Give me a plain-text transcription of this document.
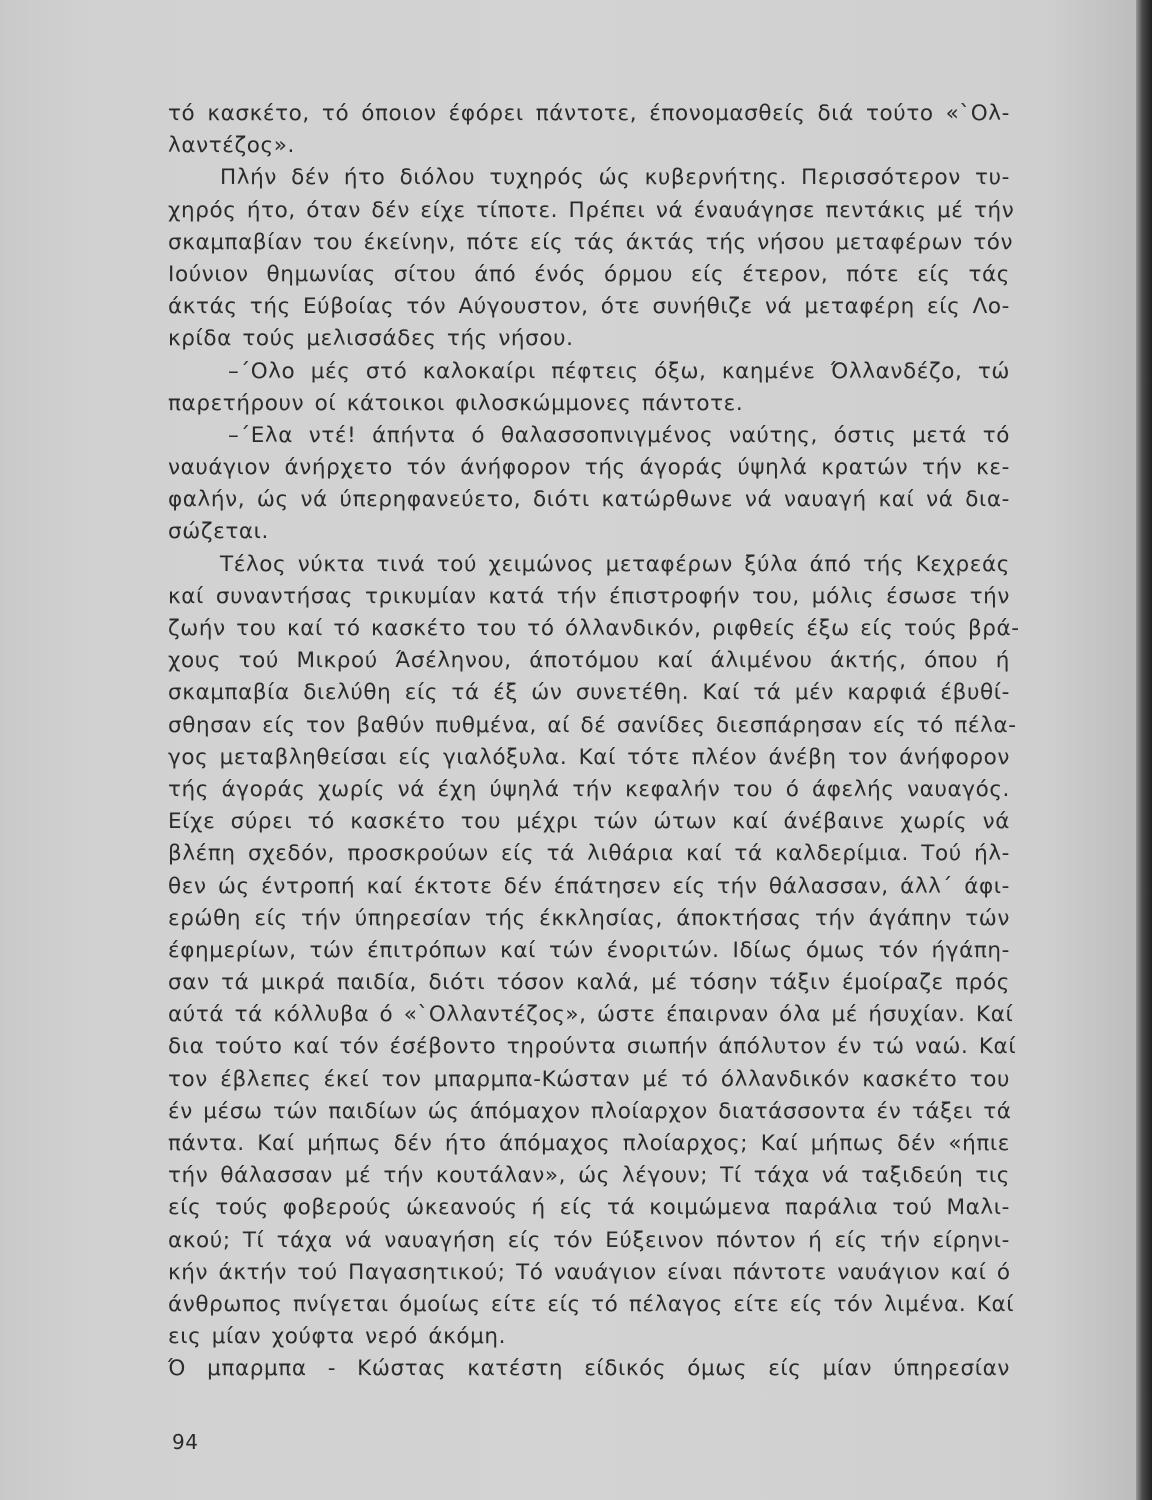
τό κασκέτο, τό όποιον έφόρει πάντοτε, έπονομασθείς διά τούτο «`Ολ-
λαντέζος».
Πλήν δέν ήτο διόλου τυχηρός ώς κυβερνήτης. Περισσότερον τυ-
χηρός ήτο, όταν δέν είχε τίποτε. Πρέπει νά έναυάγησε πεντάκις μέ τήν
σκαμπαβίαν του έκείνην, πότε είς τάς άκτάς τής νήσου μεταφέρων τόν
Ιούνιον θημωνίας σίτου άπό ένός όρμου είς έτερον, πότε είς τάς
άκτάς τής Εύβοίας τόν Αύγουστον, ότε συνήθιζε νά μεταφέρη είς Λο-
κρίδα τούς μελισσάδες τής νήσου.
–΄Ολο μές στό καλοκαίρι πέφτεις όξω, καημένε Όλλανδέζο, τώ
παρετήρουν οί κάτοικοι φιλοσκώμμονες πάντοτε.
–΄Ελα ντέ! άπήντα ό θαλασσοπνιγμένος ναύτης, όστις μετά τό
ναυάγιον άνήρχετο τόν άνήφορον τής άγοράς ύψηλά κρατών τήν κε-
φαλήν, ώς νά ύπερηφανεύετο, διότι κατώρθωνε νά ναυαγή καί νά δια-
σώζεται.
Τέλος νύκτα τινά τού χειμώνος μεταφέρων ξύλα άπό τής Κεχρεάς
καί συναντήσας τρικυμίαν κατά τήν έπιστροφήν του, μόλις έσωσε τήν
ζωήν του καί τό κασκέτο του τό όλλανδικόν, ριφθείς έξω είς τούς βρά-
χους τού Μικρού Άσέληνου, άποτόμου καί άλιμένου άκτής, όπου ή
σκαμπαβία διελύθη είς τά έξ ών συνετέθη. Καί τά μέν καρφιά έβυθί-
σθησαν είς τον βαθύν πυθμένα, αί δέ σανίδες διεσπάρησαν είς τό πέλα-
γος μεταβληθείσαι είς γιαλόξυλα. Καί τότε πλέον άνέβη τον άνήφορον
τής άγοράς χωρίς νά έχη ύψηλά τήν κεφαλήν του ό άφελής ναυαγός.
Είχε σύρει τό κασκέτο του μέχρι τών ώτων καί άνέβαινε χωρίς νά
βλέπη σχεδόν, προσκρούων είς τά λιθάρια καί τά καλδερίμια. Τού ήλ-
θεν ώς έντροπή καί έκτοτε δέν έπάτησεν είς τήν θάλασσαν, άλλ΄ άφι-
ερώθη είς τήν ύπηρεσίαν τής έκκλησίας, άποκτήσας τήν άγάπην τών
έφημερίων, τών έπιτρόπων καί τών ένοριτών. Ιδίως όμως τόν ήγάπη-
σαν τά μικρά παιδία, διότι τόσον καλά, μέ τόσην τάξιν έμοίραζε πρός
αύτά τά κόλλυβα ό «`Ολλαντέζος», ώστε έπαιρναν όλα μέ ήσυχίαν. Καί
δια τούτο καί τόν έσέβοντο τηρούντα σιωπήν άπόλυτον έν τώ ναώ. Καί
τον έβλεπες έκεί τον μπαρμπα-Κώσταν μέ τό όλλανδικόν κασκέτο του
έν μέσω τών παιδίων ώς άπόμαχον πλοίαρχον διατάσσοντα έν τάξει τά
πάντα. Καί μήπως δέν ήτο άπόμαχος πλοίαρχος; Καί μήπως δέν «ήπιε
τήν θάλασσαν μέ τήν κουτάλαν», ώς λέγουν; Τί τάχα νά ταξιδεύη τις
είς τούς φοβερούς ώκεανούς ή είς τά κοιμώμενα παράλια τού Μαλι-
ακού; Τί τάχα νά ναυαγήση είς τόν Εύξεινον πόντον ή είς τήν είρηνι-
κήν άκτήν τού Παγασητικού; Τό ναυάγιον είναι πάντοτε ναυάγιον καί ό
άνθρωπος πνίγεται όμοίως είτε είς τό πέλαγος είτε είς τόν λιμένα. Καί
εις μίαν χούφτα νερό άκόμη.
Ό μπαρμπα - Κώστας κατέστη είδικός όμως είς μίαν ύπηρεσίαν
94
